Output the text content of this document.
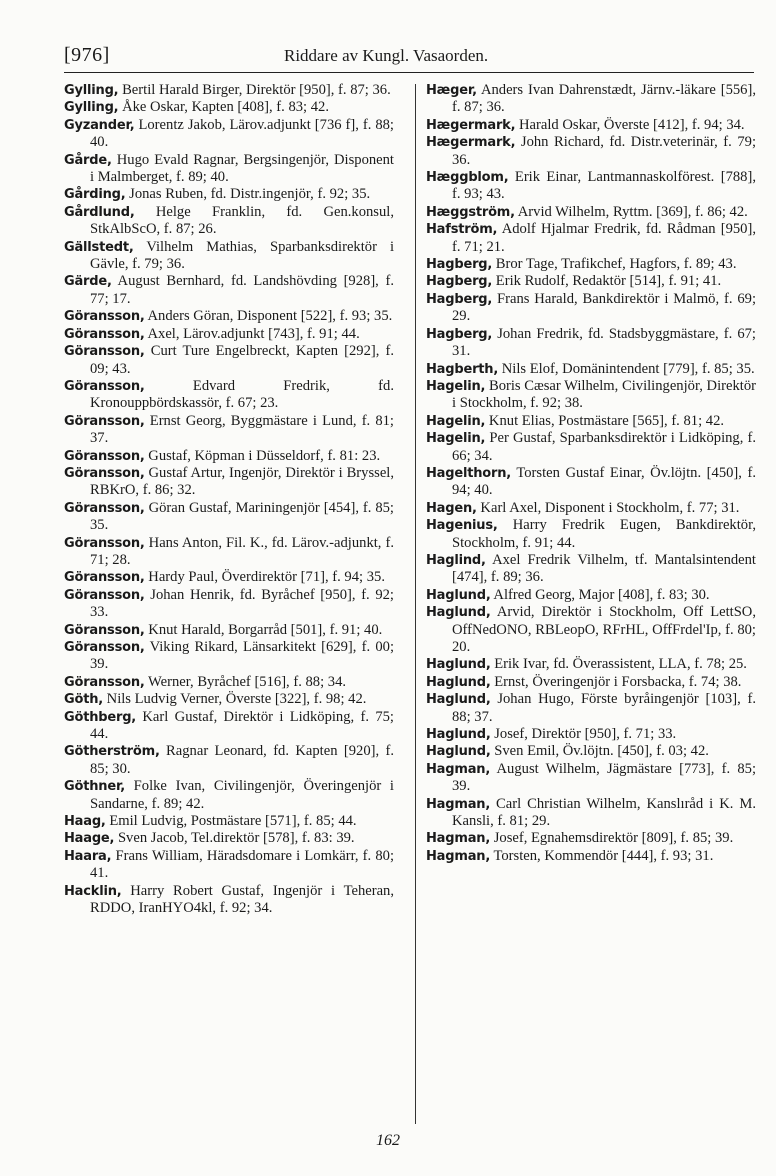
[976]	Riddare av Kungl. Vasaorden.

Gylling, Bertil Harald Birger, Direktör [950], f. 87; 36.

Gylling, Åke Oskar, Kapten [408], f. 83; 42.

Gyzander, Lorentz Jakob, Lärov.adjunkt [736 f], f. 88; 40.

Gårde, Hugo Evald Ragnar, Bergsingenjör, Disponent i Malmberget, f. 89; 40.

Gårding, Jonas Ruben, fd. Distr.ingenjör, f. 92; 35.

Gårdlund, Helge Franklin, fd. Gen.konsul, StkAlbScO, f. 87; 26.

Gällstedt, Vilhelm Mathias, Sparbanksdirektör i Gävle, f. 79; 36.

Gärde, August Bernhard, fd. Landshövding [928], f. 77; 17.

Göransson, Anders Göran, Disponent [522], f. 93; 35.

Göransson, Axel, Lärov.adjunkt [743], f. 91; 44.

Göransson, Curt Ture Engelbreckt, Kapten [292], f. 09; 43.

Göransson, Edvard Fredrik, fd. Kronouppbördskassör, f. 67; 23.

Göransson, Ernst Georg, Byggmästare i Lund, f. 81; 37.

Göransson, Gustaf, Köpman i Düsseldorf, f. 81: 23.

Göransson, Gustaf Artur, Ingenjör, Direktör i Bryssel, RBKrO, f. 86; 32.

Göransson, Göran Gustaf, Mariningenjör [454], f. 85; 35.

Göransson, Hans Anton, Fil. K., fd. Lärov.-adjunkt, f. 71; 28.

Göransson, Hardy Paul, Överdirektör [71], f. 94; 35.

Göransson, Johan Henrik, fd. Byråchef [950], f. 92; 33.

Göransson, Knut Harald, Borgarråd [501], f. 91; 40.

Göransson, Viking Rikard, Länsarkitekt [629], f. 00; 39.

Göransson, Werner, Byråchef [516], f. 88; 34.

Göth, Nils Ludvig Verner, Överste [322], f. 98; 42.

Göthberg, Karl Gustaf, Direktör i Lidköping, f. 75; 44.

Götherström, Ragnar Leonard, fd. Kapten [920], f. 85; 30.

Göthner, Folke Ivan, Civilingenjör, Överingenjör i Sandarne, f. 89; 42.

Haag, Emil Ludvig, Postmästare [571], f. 85; 44.

Haage, Sven Jacob, Tel.direktör [578], f. 83: 39.

Haara, Frans William, Häradsdomare i Lomkärr, f. 80; 41.

Hacklin, Harry Robert Gustaf, Ingenjör i Teheran, RDDO, IranHYO4kl, f. 92; 34.

Hæger, Anders Ivan Dahrenstædt, Järnv.-läkare [556], f. 87; 36.

Hægermark, Harald Oskar, Överste [412], f. 94; 34.

Hægermark, John Richard, fd. Distr.veterinär, f. 79; 36.

Hæggblom, Erik Einar, Lantmannaskolförest. [788], f. 93; 43.

Hæggström, Arvid Wilhelm, Ryttm. [369], f. 86; 42.

Hafström, Adolf Hjalmar Fredrik, fd. Rådman [950], f. 71; 21.

Hagberg, Bror Tage, Trafikchef, Hagfors, f. 89; 43.

Hagberg, Erik Rudolf, Redaktör [514], f. 91; 41.

Hagberg, Frans Harald, Bankdirektör i Malmö, f. 69; 29.

Hagberg, Johan Fredrik, fd. Stadsbyggmästare, f. 67; 31.

Hagberth, Nils Elof, Domänintendent [779], f. 85; 35.

Hagelin, Boris Cæsar Wilhelm, Civilingenjör, Direktör i Stockholm, f. 92; 38.

Hagelin, Knut Elias, Postmästare [565], f. 81; 42.

Hagelin, Per Gustaf, Sparbanksdirektör i Lidköping, f. 66; 34.

Hagelthorn, Torsten Gustaf Einar, Öv.löjtn. [450], f. 94; 40.

Hagen, Karl Axel, Disponent i Stockholm, f. 77; 31.

Hagenius, Harry Fredrik Eugen, Bankdirektör, Stockholm, f. 91; 44.

Haglind, Axel Fredrik Vilhelm, tf. Mantalsintendent [474], f. 89; 36.

Haglund, Alfred Georg, Major [408], f. 83; 30.

Haglund, Arvid, Direktör i Stockholm, Off LettSO, OffNedONO, RBLeopO, RFrHL, OffFrdel'Ip, f. 80; 20.

Haglund, Erik Ivar, fd. Överassistent, LLA, f. 78; 25.

Haglund, Ernst, Överingenjör i Forsbacka, f. 74; 38.

Haglund, Johan Hugo, Förste byråingenjör [103], f. 88; 37.

Haglund, Josef, Direktör [950], f. 71; 33.

Haglund, Sven Emil, Öv.löjtn. [450], f. 03; 42.

Hagman, August Wilhelm, Jägmästare [773], f. 85; 39.

Hagman, Carl Christian Wilhelm, Kanslıråd i K. M. Kansli, f. 81; 29.

Hagman, Josef, Egnahemsdirektör [809], f. 85; 39.

Hagman, Torsten, Kommendör [444], f. 93; 31.

162
